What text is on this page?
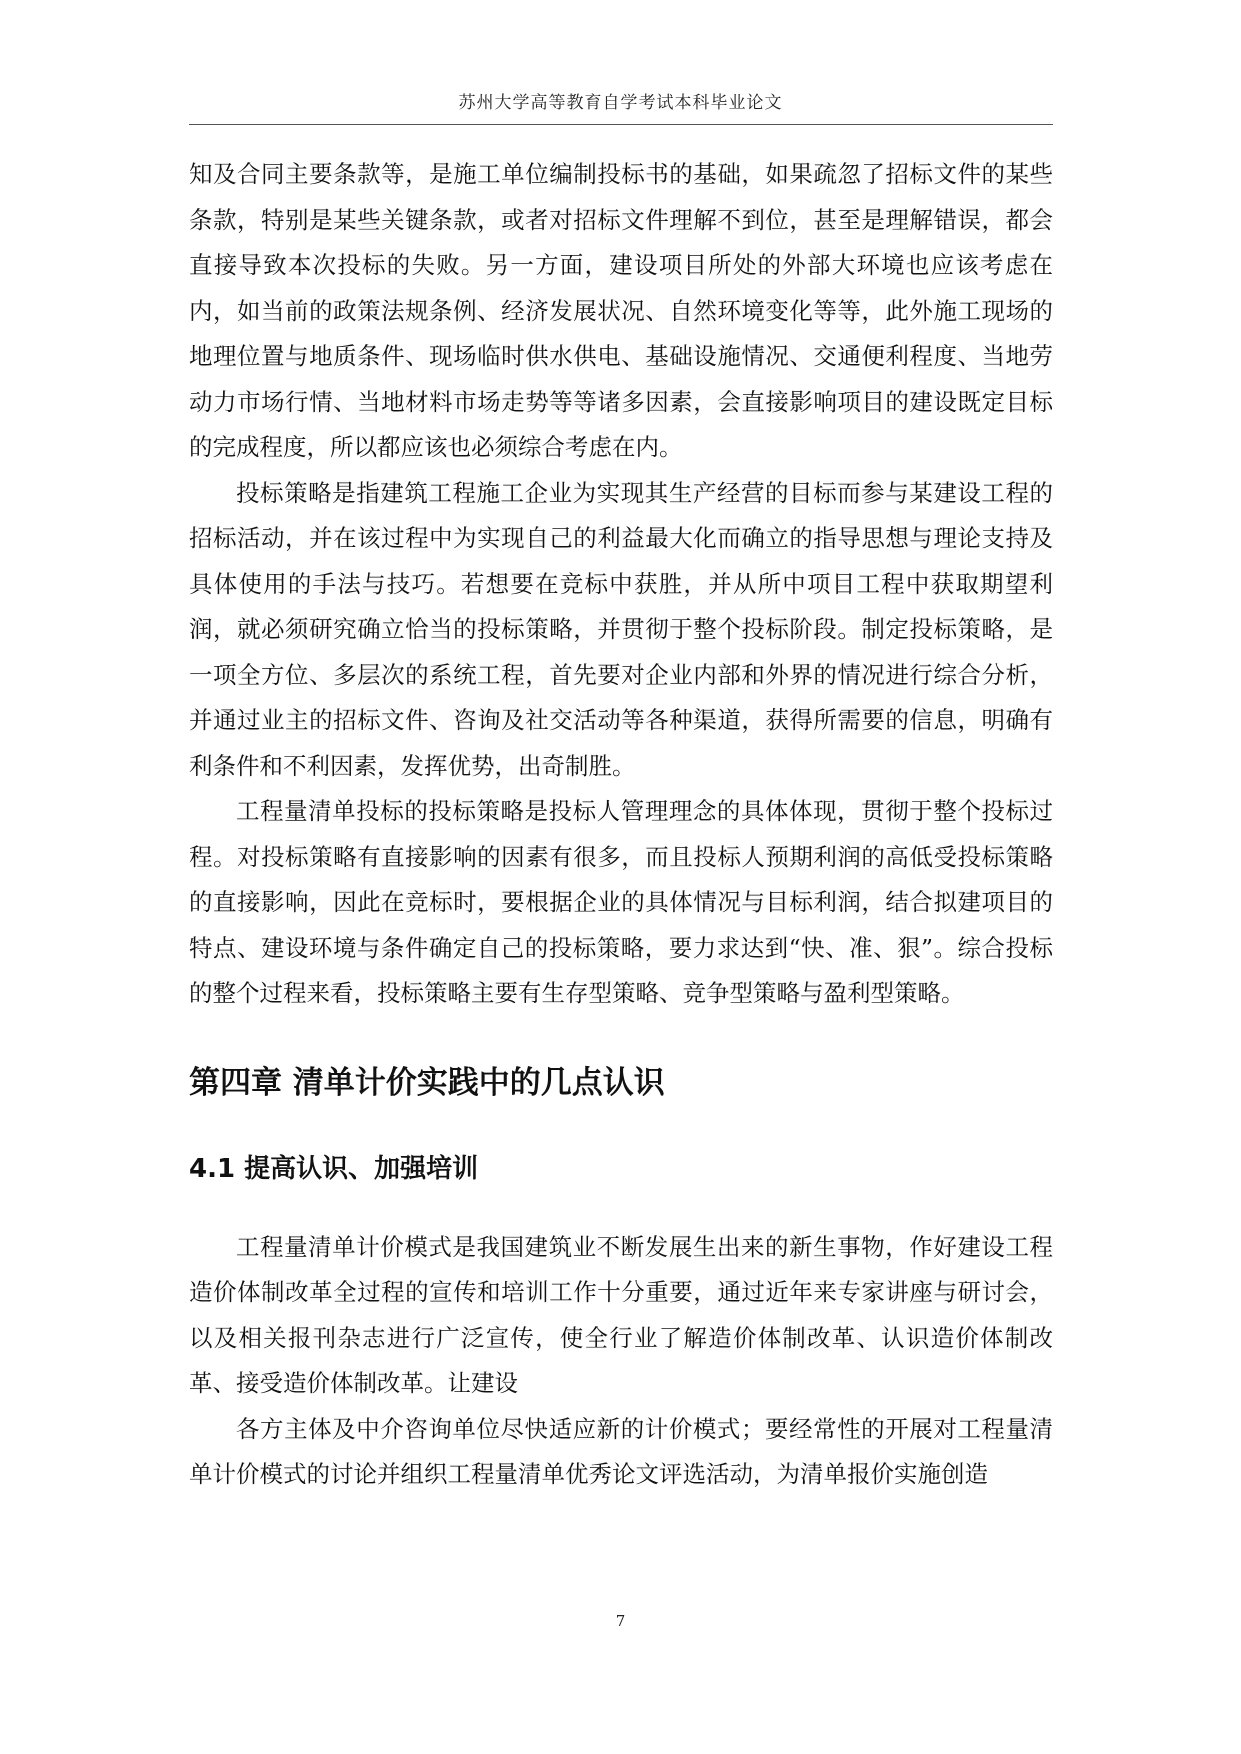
苏州大学高等教育自学考试本科毕业论文

知及合同主要条款等，是施工单位编制投标书的基础，如果疏忽了招标文件的某些条款，特别是某些关键条款，或者对招标文件理解不到位，甚至是理解错误，都会直接导致本次投标的失败。另一方面，建设项目所处的外部大环境也应该考虑在内，如当前的政策法规条例、经济发展状况、自然环境变化等等，此外施工现场的地理位置与地质条件、现场临时供水供电、基础设施情况、交通便利程度、当地劳动力市场行情、当地材料市场走势等等诸多因素，会直接影响项目的建设既定目标的完成程度，所以都应该也必须综合考虑在内。

投标策略是指建筑工程施工企业为实现其生产经营的目标而参与某建设工程的招标活动，并在该过程中为实现自己的利益最大化而确立的指导思想与理论支持及具体使用的手法与技巧。若想要在竞标中获胜，并从所中项目工程中获取期望利润，就必须研究确立恰当的投标策略，并贯彻于整个投标阶段。制定投标策略，是一项全方位、多层次的系统工程，首先要对企业内部和外界的情况进行综合分析，并通过业主的招标文件、咨询及社交活动等各种渠道，获得所需要的信息，明确有利条件和不利因素，发挥优势，出奇制胜。

工程量清单投标的投标策略是投标人管理理念的具体体现，贯彻于整个投标过程。对投标策略有直接影响的因素有很多，而且投标人预期利润的高低受投标策略的直接影响，因此在竞标时，要根据企业的具体情况与目标利润，结合拟建项目的特点、建设环境与条件确定自己的投标策略，要力求达到“快、准、狠”。综合投标的整个过程来看，投标策略主要有生存型策略、竞争型策略与盈利型策略。

第四章 清单计价实践中的几点认识
4.1 提高认识、加强培训

工程量清单计价模式是我国建筑业不断发展生出来的新生事物，作好建设工程造价体制改革全过程的宣传和培训工作十分重要，通过近年来专家讲座与研讨会，以及相关报刊杂志进行广泛宣传，使全行业了解造价体制改革、认识造价体制改革、接受造价体制改革。让建设

各方主体及中介咨询单位尽快适应新的计价模式；要经常性的开展对工程量清单计价模式的讨论并组织工程量清单优秀论文评选活动，为清单报价实施创造

7
